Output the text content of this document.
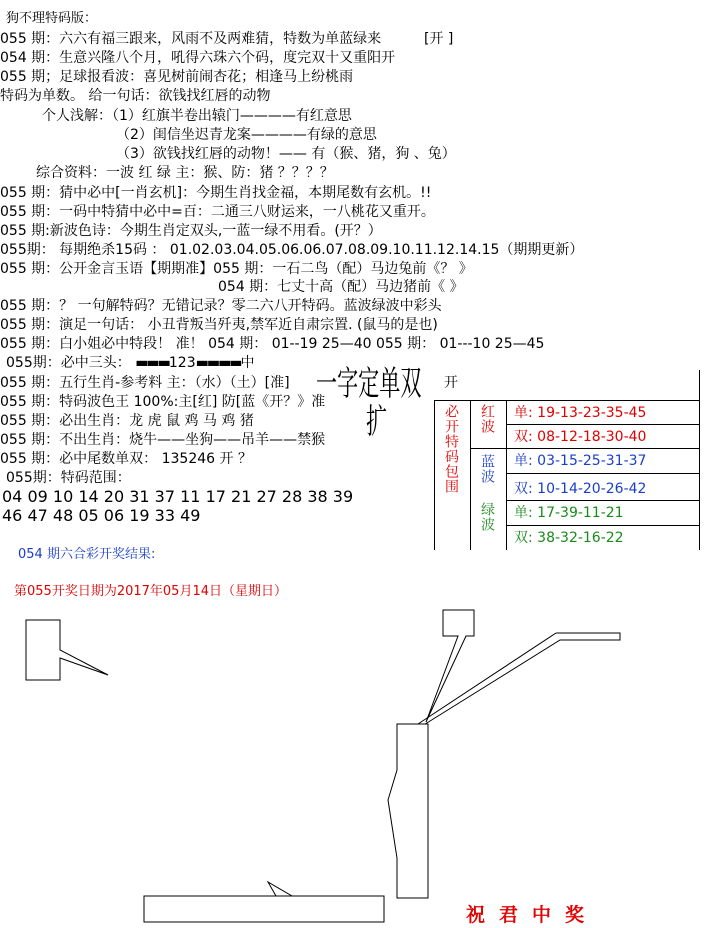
狗不理特码版：
055 期：六六有福三跟来，风雨不及两难猜，特数为单蓝绿来	[开 ]
054 期：生意兴隆八个月，吼得六珠六个码，度完双十又重阳开
055 期；足球报看波：喜见树前闹杏花；相逢马上纷桃雨
特码为单数。 给一句话：欲钱找红唇的动物
个人浅解：（1）红旗半卷出辕门————有红意思
（2）闺信坐迟青龙案————有绿的意思
（3）欲钱找红唇的动物！—— 有（猴、猪，狗 、兔）
综合资料：一波 红 绿 主：猴、防：猪 ？？？？
055 期：猜中必中[一肖玄机]：今期生肖找金福，本期尾数有玄机。!!
055 期：一码中特猜中必中=百：二通三八财运来，一八桃花又重开。
055 期:新波色诗：今期生肖定双头,一蓝一绿不用看。(开？）
055期： 每期绝杀15码 ： 01.02.03.04.05.06.06.07.08.09.10.11.12.14.15（期期更新）
055 期：公开金言玉语【期期准】055 期：一石二鸟（配）马边兔前《？ 》
054 期：七丈十高（配）马边猪前《 》
055 期：？ 一句解特码？无错记录？零二六八开特码。蓝波绿波中彩头
055 期：演足一句话： 小丑背叛当歼夷,禁军近自肃宗置. (鼠马的是也)
055 期：白小姐必中特段！ 准！ 054 期： 01--19 25—40 055 期： 01---10 25—45
055期：必中三头： ▬▬▬123▬▬▬▬中
055 期：五行生肖-参考料 主：（水）（土）[准]
055 期：特码波色王 100%:主[红] 防[蓝《开？》准
055 期：必出生肖：龙 虎 鼠 鸡 马 鸡 猪
055 期：不出生肖：烧牛——坐狗——吊羊——禁猴
055 期：必中尾数单双： 135246 开 ？
055期：特码范围：
04 09 10 14 20 31 37 11 17 21 27 28 38 39
46 47 48 05 06 19 33 49
一字定单双
扩
开
必开特码包围 红波
蓝波
绿波
单: 19-13-23-35-45
双: 08-12-18-30-40
单: 03-15-25-31-37
双: 10-14-20-26-42
单: 17-39-11-21
双: 38-32-16-22
054 期六合彩开奖结果:
第055开奖日期为2017年05月14日（星期日）
祝君中奖
